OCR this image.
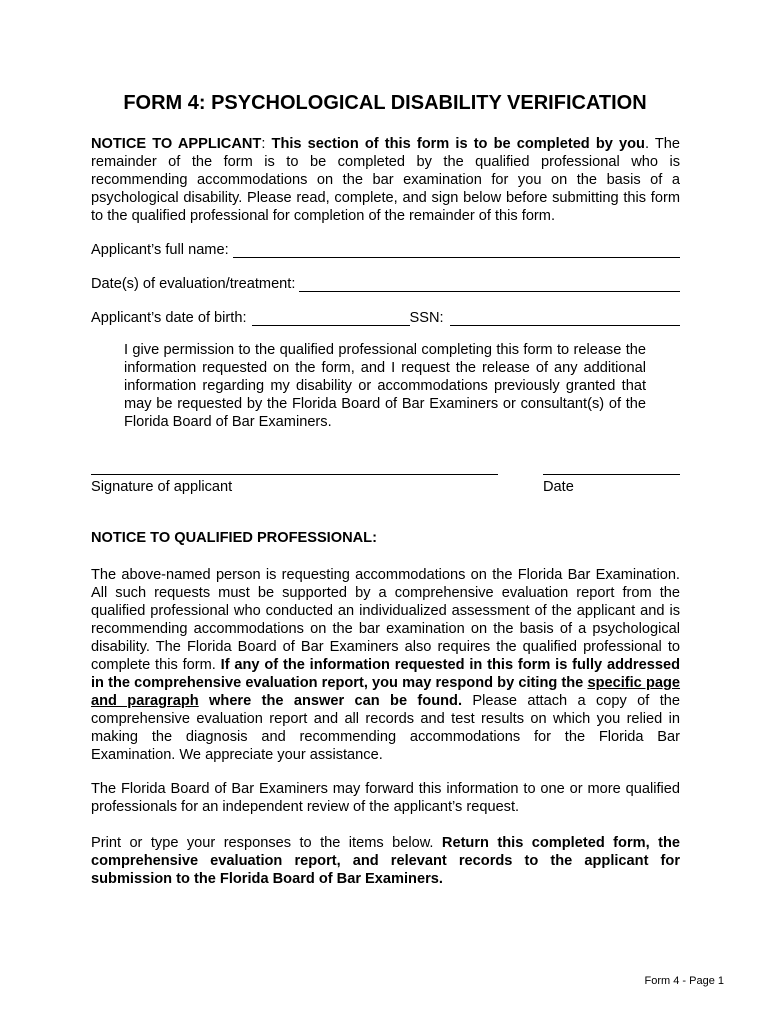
FORM 4: PSYCHOLOGICAL DISABILITY VERIFICATION
NOTICE TO APPLICANT: This section of this form is to be completed by you. The remainder of the form is to be completed by the qualified professional who is recommending accommodations on the bar examination for you on the basis of a psychological disability. Please read, complete, and sign below before submitting this form to the qualified professional for completion of the remainder of this form.
Applicant’s full name:
Date(s) of evaluation/treatment:
Applicant’s date of birth:	SSN:
I give permission to the qualified professional completing this form to release the information requested on the form, and I request the release of any additional information regarding my disability or accommodations previously granted that may be requested by the Florida Board of Bar Examiners or consultant(s) of the Florida Board of Bar Examiners.
Signature of applicant	Date
NOTICE TO QUALIFIED PROFESSIONAL:
The above-named person is requesting accommodations on the Florida Bar Examination. All such requests must be supported by a comprehensive evaluation report from the qualified professional who conducted an individualized assessment of the applicant and is recommending accommodations on the bar examination on the basis of a psychological disability. The Florida Board of Bar Examiners also requires the qualified professional to complete this form. If any of the information requested in this form is fully addressed in the comprehensive evaluation report, you may respond by citing the specific page and paragraph where the answer can be found. Please attach a copy of the comprehensive evaluation report and all records and test results on which you relied in making the diagnosis and recommending accommodations for the Florida Bar Examination. We appreciate your assistance.
The Florida Board of Bar Examiners may forward this information to one or more qualified professionals for an independent review of the applicant’s request.
Print or type your responses to the items below. Return this completed form, the comprehensive evaluation report, and relevant records to the applicant for submission to the Florida Board of Bar Examiners.
Form 4 - Page 1
